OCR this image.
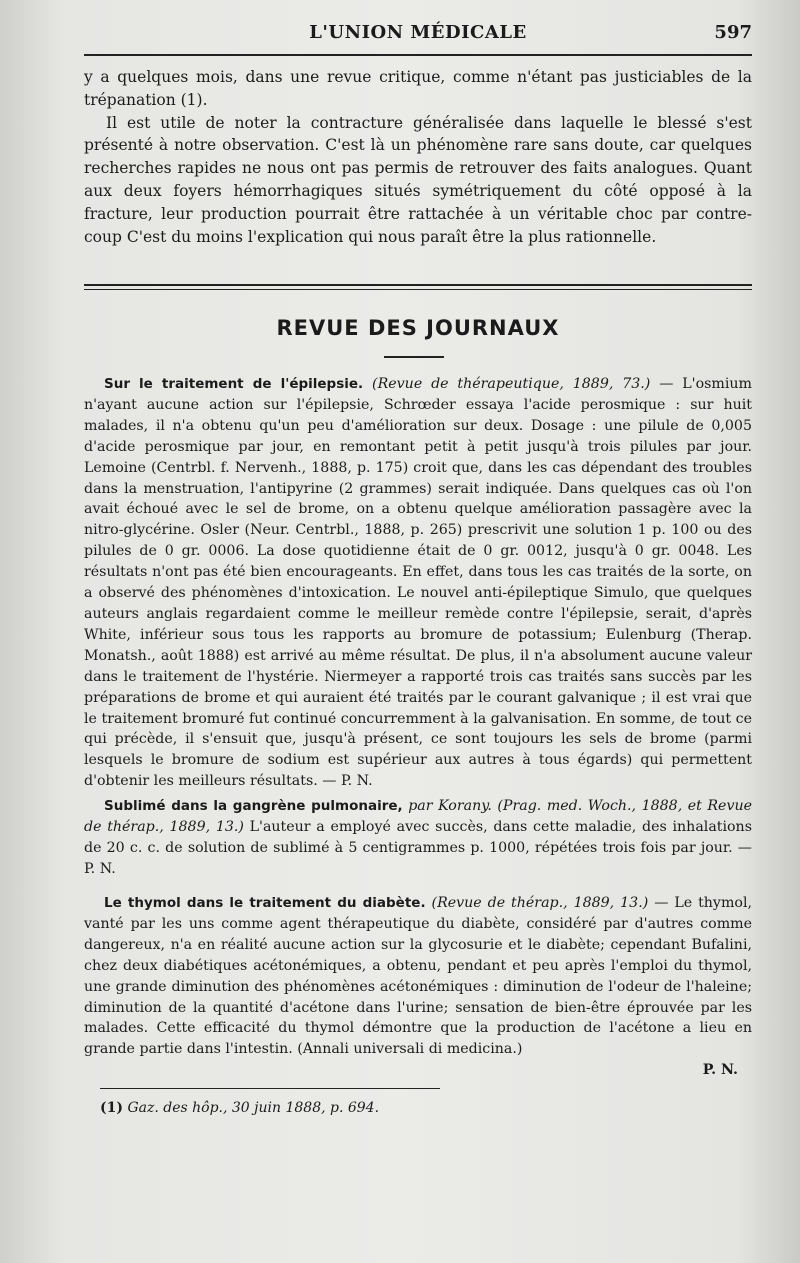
L'UNION MÉDICALE	597

y a quelques mois, dans une revue critique, comme n'étant pas justiciables de la trépanation (1).

Il est utile de noter la contracture généralisée dans laquelle le blessé s'est présenté à notre observation. C'est là un phénomène rare sans doute, car quelques recherches rapides ne nous ont pas permis de retrouver des faits analogues. Quant aux deux foyers hémorrhagiques situés symétriquement du côté opposé à la fracture, leur production pourrait être rattachée à un véritable choc par contre-coup C'est du moins l'explication qui nous paraît être la plus rationnelle.

REVUE DES JOURNAUX

Sur le traitement de l'épilepsie. (Revue de thérapeutique, 1889, 73.) — L'osmium n'ayant aucune action sur l'épilepsie, Schrœder essaya l'acide perosmique : sur huit malades, il n'a obtenu qu'un peu d'amélioration sur deux. Dosage : une pilule de 0,005 d'acide perosmique par jour, en remontant petit à petit jusqu'à trois pilules par jour. Lemoine (Centrbl. f. Nervenh., 1888, p. 175) croit que, dans les cas dépendant des troubles dans la menstruation, l'antipyrine (2 grammes) serait indiquée. Dans quelques cas où l'on avait échoué avec le sel de brome, on a obtenu quelque amélioration passagère avec la nitro-glycérine. Osler (Neur. Centrbl., 1888, p. 265) prescrivit une solution 1 p. 100 ou des pilules de 0 gr. 0006. La dose quotidienne était de 0 gr. 0012, jusqu'à 0 gr. 0048. Les résultats n'ont pas été bien encourageants. En effet, dans tous les cas traités de la sorte, on a observé des phénomènes d'intoxication. Le nouvel anti-épileptique Simulo, que quelques auteurs anglais regardaient comme le meilleur remède contre l'épilepsie, serait, d'après White, inférieur sous tous les rapports au bromure de potassium; Eulenburg (Therap. Monatsh., août 1888) est arrivé au même résultat. De plus, il n'a absolument aucune valeur dans le traitement de l'hystérie. Niermeyer a rapporté trois cas traités sans succès par les préparations de brome et qui auraient été traités par le courant galvanique ; il est vrai que le traitement bromuré fut continué concurremment à la galvanisation. En somme, de tout ce qui précède, il s'ensuit que, jusqu'à présent, ce sont toujours les sels de brome (parmi lesquels le bromure de sodium est supérieur aux autres à tous égards) qui permettent d'obtenir les meilleurs résultats. — P. N.

Sublimé dans la gangrène pulmonaire, par Korany. (Prag. med. Woch., 1888, et Revue de thérap., 1889, 13.) L'auteur a employé avec succès, dans cette maladie, des inhalations de 20 c. c. de solution de sublimé à 5 centigrammes p. 1000, répétées trois fois par jour. — P. N.

Le thymol dans le traitement du diabète. (Revue de thérap., 1889, 13.) — Le thymol, vanté par les uns comme agent thérapeutique du diabète, considéré par d'autres comme dangereux, n'a en réalité aucune action sur la glycosurie et le diabète; cependant Bufalini, chez deux diabétiques acétonémiques, a obtenu, pendant et peu après l'emploi du thymol, une grande diminution des phénomènes acétonémiques : diminution de l'odeur de l'haleine; diminution de la quantité d'acétone dans l'urine; sensation de bien-être éprouvée par les malades. Cette efficacité du thymol démontre que la production de l'acétone a lieu en grande partie dans l'intestin. (Annali universali di medicina.)

P. N.

(1) Gaz. des hôp., 30 juin 1888, p. 694.
